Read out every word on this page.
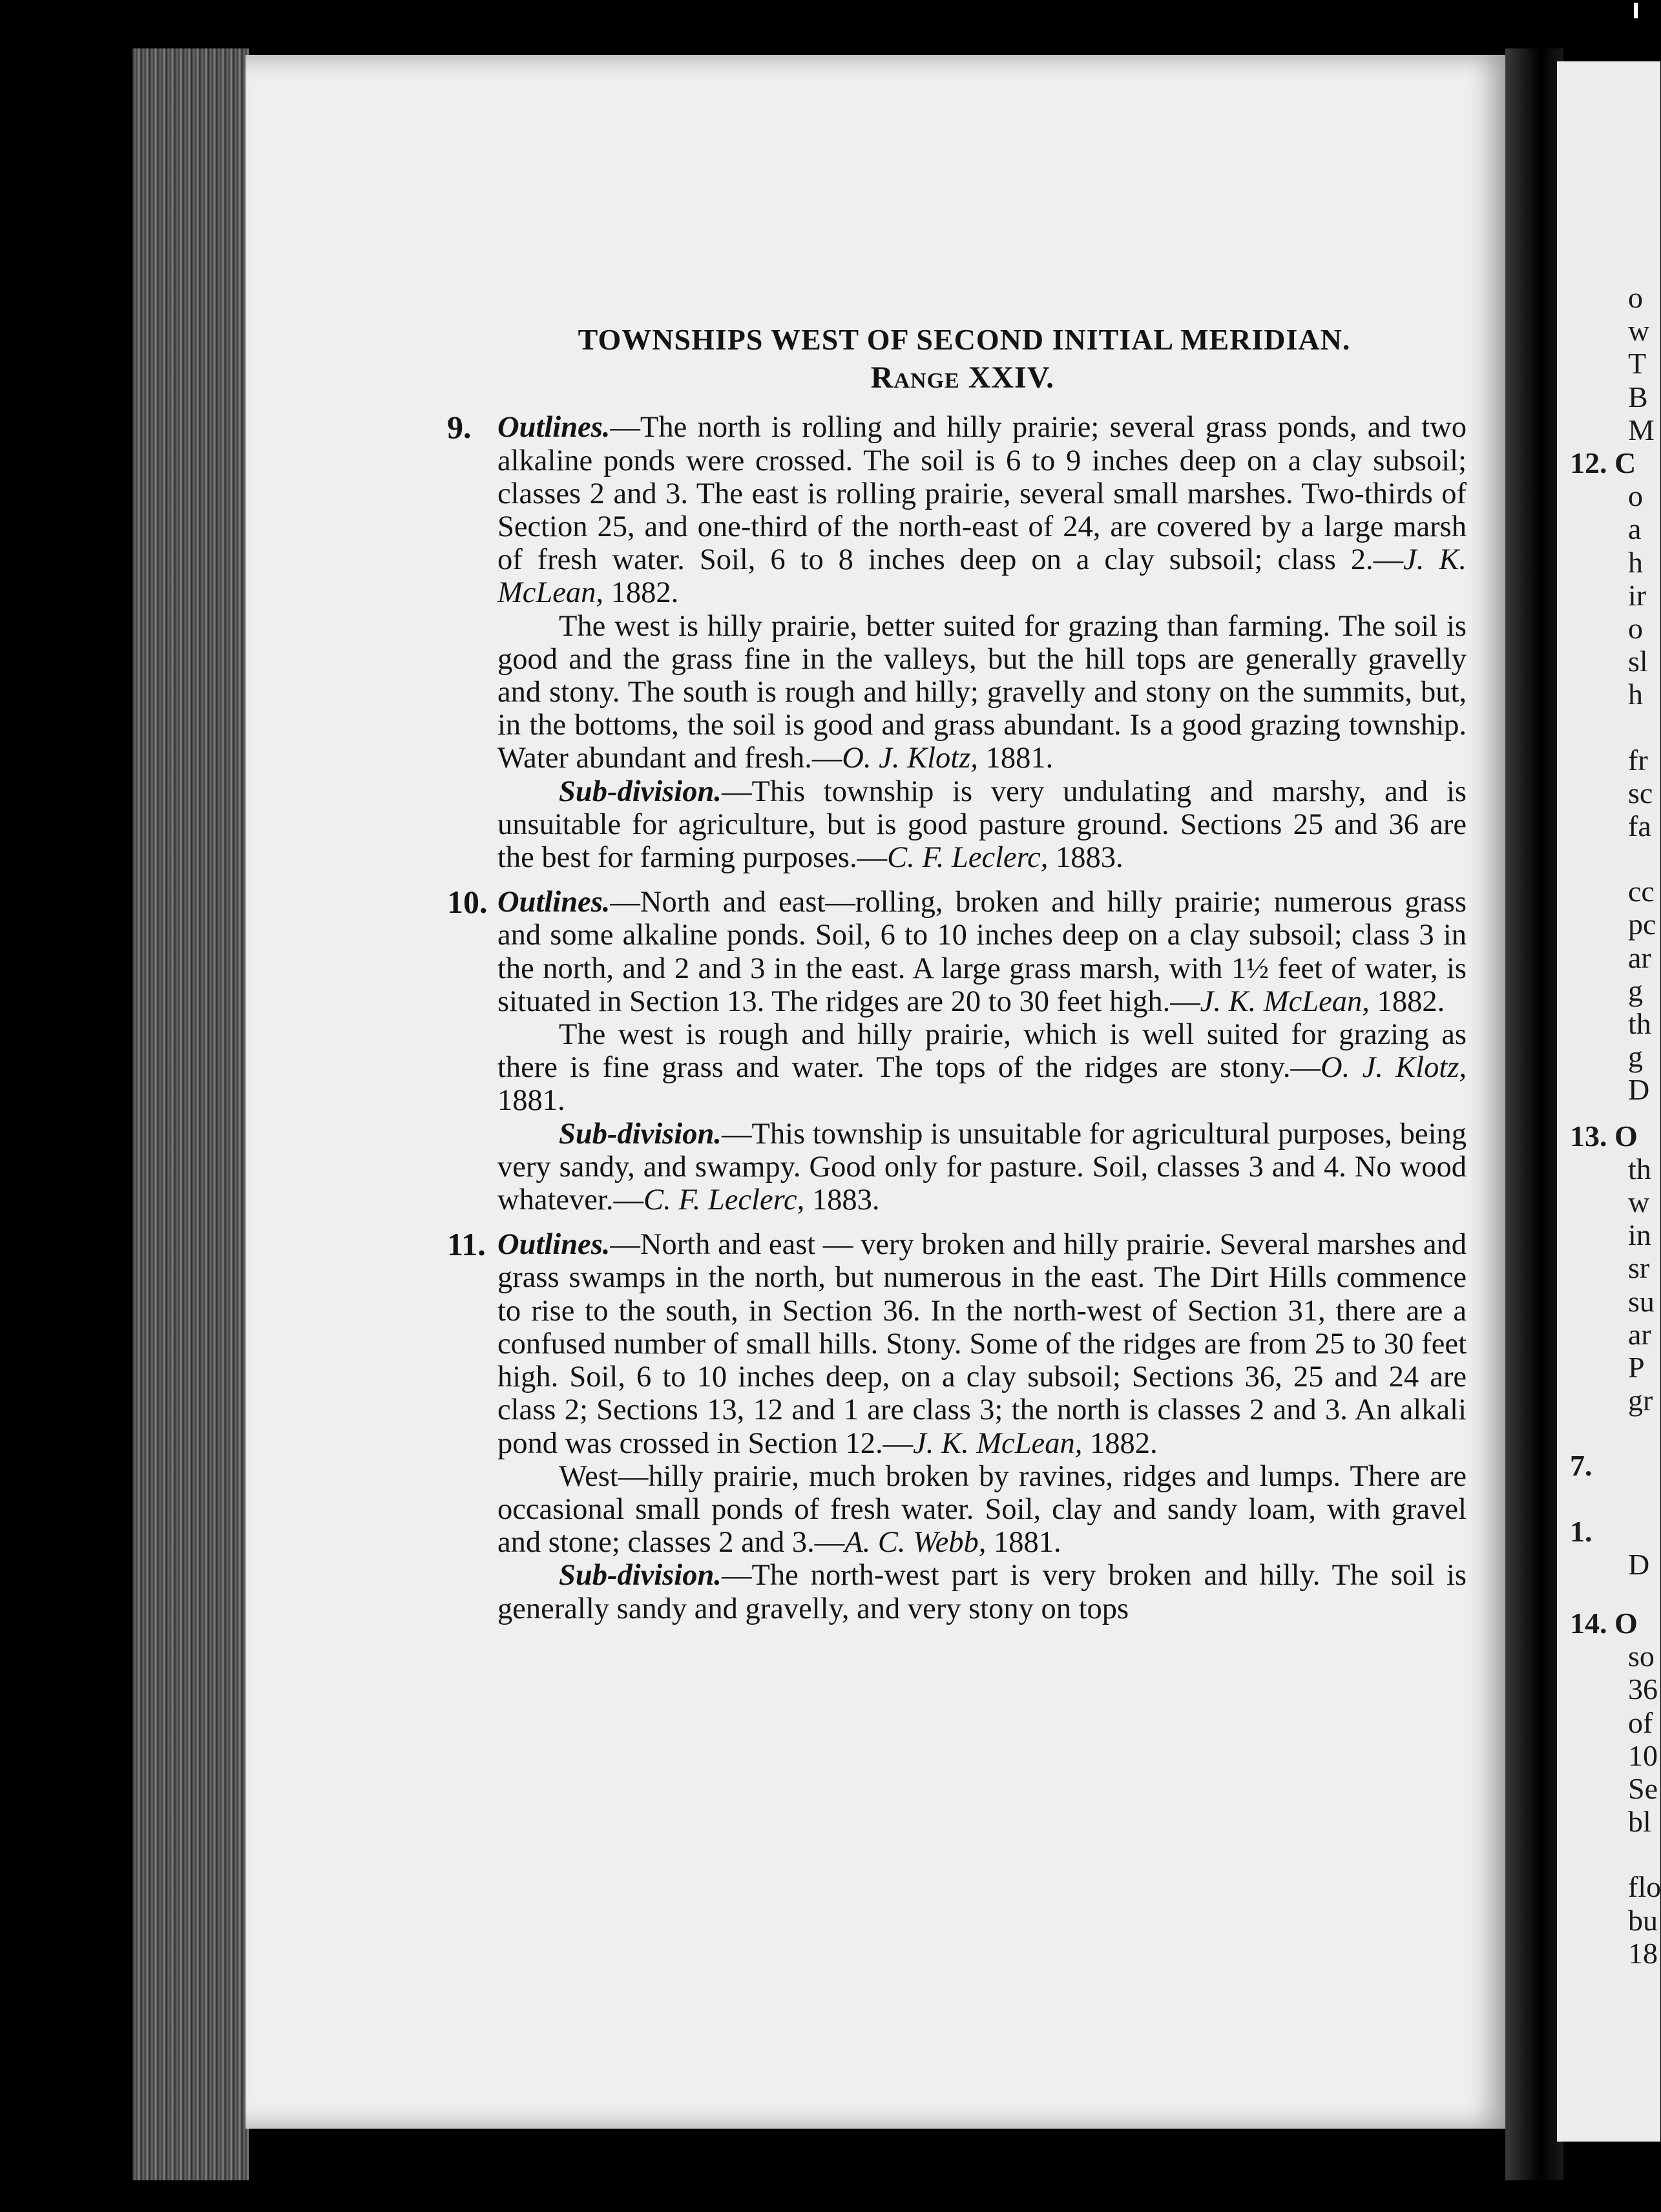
o
w
T
B
M
12. C
o
a
h
ir
o
sl
h
fr
sc
fa
cc
pc
ar
g
th
g
D
13. O
th
w
in
sr
su
ar
P
gr
7.
1.
D
14. O
so
36
of
10
Se
bl
flo
bu
18
╹
TOWNSHIPS WEST OF SECOND INITIAL MERIDIAN.
Range XXIV.
9. Outlines.—The north is rolling and hilly prairie; several grass ponds, and two alkaline ponds were crossed. The soil is 6 to 9 inches deep on a clay subsoil; classes 2 and 3. The east is rolling prairie, several small marshes. Two-thirds of Section 25, and one-third of the north-east of 24, are covered by a large marsh of fresh water. Soil, 6 to 8 inches deep on a clay subsoil; class 2.—J. K. McLean, 1882.

The west is hilly prairie, better suited for grazing than farming. The soil is good and the grass fine in the valleys, but the hill tops are generally gravelly and stony. The south is rough and hilly; gravelly and stony on the summits, but, in the bottoms, the soil is good and grass abundant. Is a good grazing township. Water abundant and fresh.—O. J. Klotz, 1881.

Sub-division.—This township is very undulating and marshy, and is unsuitable for agriculture, but is good pasture ground. Sections 25 and 36 are the best for farming purposes.—C. F. Leclerc, 1883.

10. Outlines.—North and east—rolling, broken and hilly prairie; numerous grass and some alkaline ponds. Soil, 6 to 10 inches deep on a clay subsoil; class 3 in the north, and 2 and 3 in the east. A large grass marsh, with 1½ feet of water, is situated in Section 13. The ridges are 20 to 30 feet high.—J. K. McLean, 1882.

The west is rough and hilly prairie, which is well suited for grazing as there is fine grass and water. The tops of the ridges are stony.—O. J. Klotz, 1881.

Sub-division.—This township is unsuitable for agricultural purposes, being very sandy, and swampy. Good only for pasture. Soil, classes 3 and 4. No wood whatever.—C. F. Leclerc, 1883.

11. Outlines.—North and east — very broken and hilly prairie. Several marshes and grass swamps in the north, but numerous in the east. The Dirt Hills commence to rise to the south, in Section 36. In the north-west of Section 31, there are a confused number of small hills. Stony. Some of the ridges are from 25 to 30 feet high. Soil, 6 to 10 inches deep, on a clay subsoil; Sections 36, 25 and 24 are class 2; Sections 13, 12 and 1 are class 3; the north is classes 2 and 3. An alkali pond was crossed in Section 12.—J. K. McLean, 1882.

West—hilly prairie, much broken by ravines, ridges and lumps. There are occasional small ponds of fresh water. Soil, clay and sandy loam, with gravel and stone; classes 2 and 3.—A. C. Webb, 1881.

Sub-division.—The north-west part is very broken and hilly. The soil is generally sandy and gravelly, and very stony on tops
